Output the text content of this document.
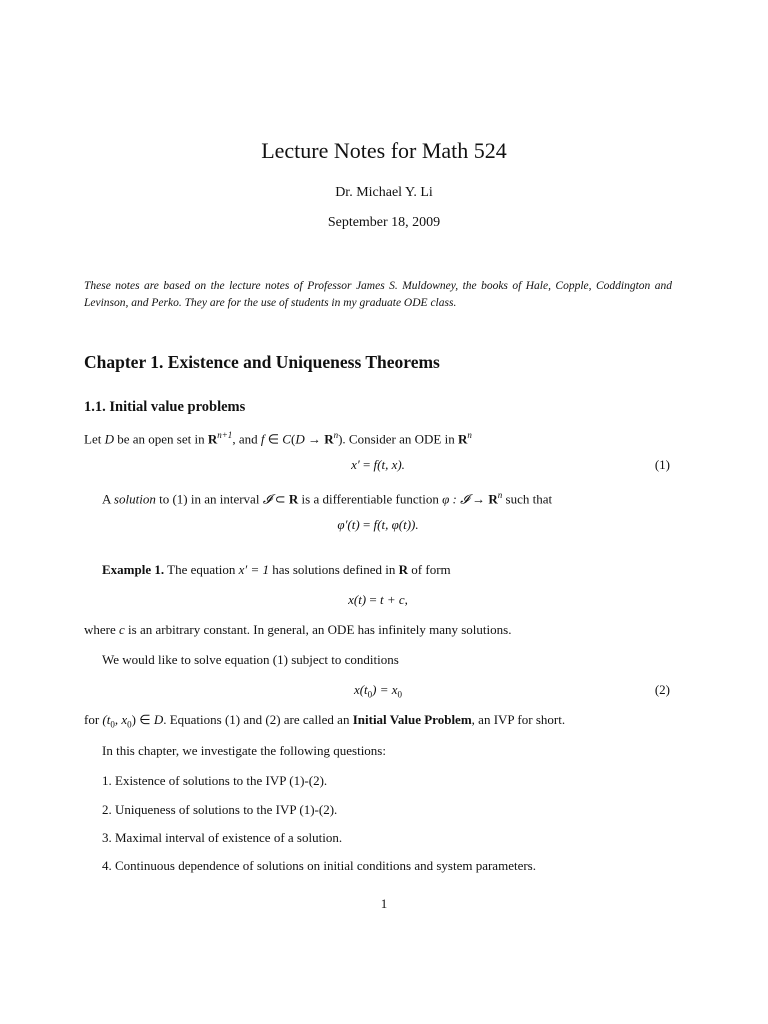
Lecture Notes for Math 524
Dr. Michael Y. Li
September 18, 2009
These notes are based on the lecture notes of Professor James S. Muldowney, the books of Hale, Copple, Coddington and Levinson, and Perko. They are for the use of students in my graduate ODE class.
Chapter 1. Existence and Uniqueness Theorems
1.1. Initial value problems
Let D be an open set in $R^{n+1}$, and f ∈ $C(D \to R^n)$. Consider an ODE in $R^n$
x′ = f(t, x).	(1)
A solution to (1) in an interval 𝓘 ⊂ R is a differentiable function φ : 𝓘 → $R^n$ such that
φ′(t) = f(t, φ(t)).
Example 1. The equation x′ = 1 has solutions defined in R of form
x(t) = t + c,
where c is an arbitrary constant. In general, an ODE has infinitely many solutions.
We would like to solve equation (1) subject to conditions
$x(t_0) = x_0$	(2)
for ($t_0$, $x_0$) ∈ D. Equations (1) and (2) are called an Initial Value Problem, an IVP for short.
In this chapter, we investigate the following questions:
1. Existence of solutions to the IVP (1)-(2).
2. Uniqueness of solutions to the IVP (1)-(2).
3. Maximal interval of existence of a solution.
4. Continuous dependence of solutions on initial conditions and system parameters.
1
